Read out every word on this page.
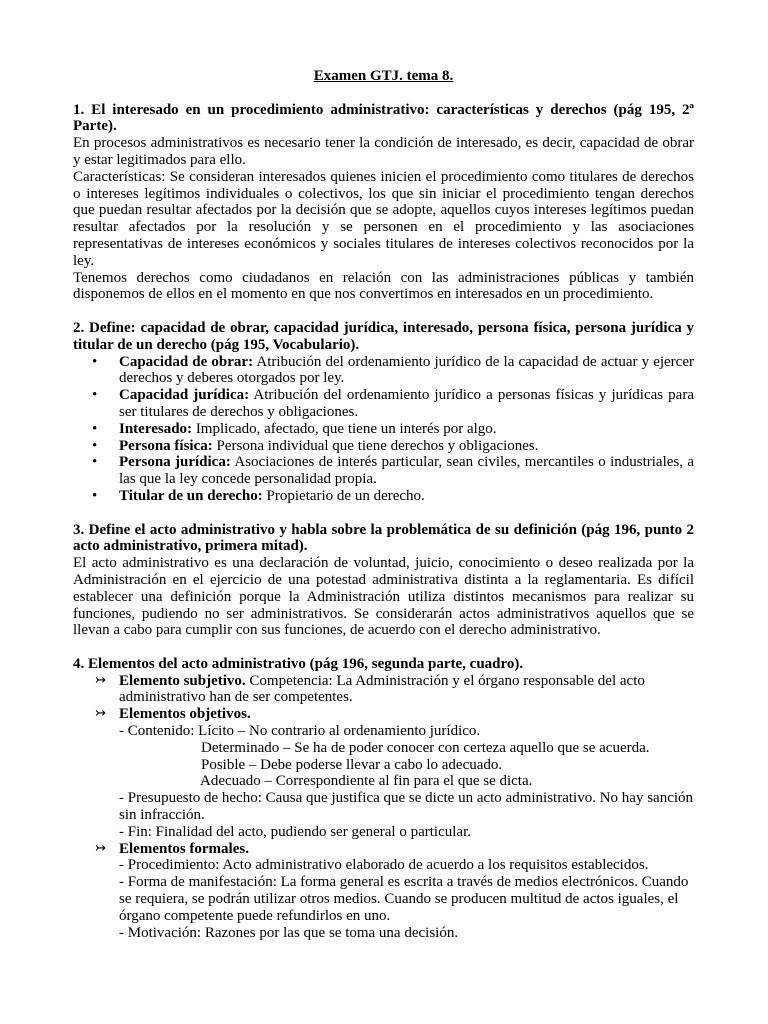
Examen GTJ. tema 8.
1. El interesado en un procedimiento administrativo: características y derechos (pág 195, 2ª Parte).
En procesos administrativos es necesario tener la condición de interesado, es decir, capacidad de obrar y estar legitimados para ello.
Características: Se consideran interesados quienes inicien el procedimiento como titulares de derechos o intereses legítimos individuales o colectivos, los que sin iniciar el procedimiento tengan derechos que puedan resultar afectados por la decisión que se adopte, aquellos cuyos intereses legítimos puedan resultar afectados por la resolución y se personen en el procedimiento y las asociaciones representativas de intereses económicos y sociales titulares de intereses colectivos reconocidos por la ley.
Tenemos derechos como ciudadanos en relación con las administraciones públicas y también disponemos de ellos en el momento en que nos convertimos en interesados en un procedimiento.
2. Define: capacidad de obrar, capacidad jurídica, interesado, persona física, persona jurídica y titular de un derecho (pág 195, Vocabulario).
• Capacidad de obrar: Atribución del ordenamiento jurídico de la capacidad de actuar y ejercer derechos y deberes otorgados por ley.
• Capacidad jurídica: Atribución del ordenamiento jurídico a personas físicas y jurídicas para ser titulares de derechos y obligaciones.
• Interesado: Implicado, afectado, que tiene un interés por algo.
• Persona física: Persona individual que tiene derechos y obligaciones.
• Persona jurídica: Asociaciones de interés particular, sean civiles, mercantiles o industriales, a las que la ley concede personalidad propia.
• Titular de un derecho: Propietario de un derecho.
3. Define el acto administrativo y habla sobre la problemática de su definición (pág 196, punto 2 acto administrativo, primera mitad).
El acto administrativo es una declaración de voluntad, juicio, conocimiento o deseo realizada por la Administración en el ejercicio de una potestad administrativa distinta a la reglamentaria. Es difícil establecer una definición porque la Administración utiliza distintos mecanismos para realizar su funciones, pudiendo no ser administrativos. Se considerarán actos administrativos aquellos que se llevan a cabo para cumplir con sus funciones, de acuerdo con el derecho administrativo.
4. Elementos del acto administrativo (pág 196, segunda parte, cuadro).
↣ Elemento subjetivo. Competencia: La Administración y el órgano responsable del acto administrativo han de ser competentes.
↣ Elementos objetivos.
- Contenido: Lícito – No contrario al ordenamiento jurídico.
Determinado – Se ha de poder conocer con certeza aquello que se acuerda.
Posible – Debe poderse llevar a cabo lo adecuado.
Adecuado – Correspondiente al fin para el que se dicta.
- Presupuesto de hecho: Causa que justifica que se dicte un acto administrativo. No hay sanción sin infracción.
- Fin: Finalidad del acto, pudiendo ser general o particular.
↣ Elementos formales.
- Procedimiento: Acto administrativo elaborado de acuerdo a los requisitos establecidos.
- Forma de manifestación: La forma general es escrita a través de medios electrónicos. Cuando se requiera, se podrán utilizar otros medios. Cuando se producen multitud de actos iguales, el órgano competente puede refundirlos en uno.
- Motivación: Razones por las que se toma una decisión.
